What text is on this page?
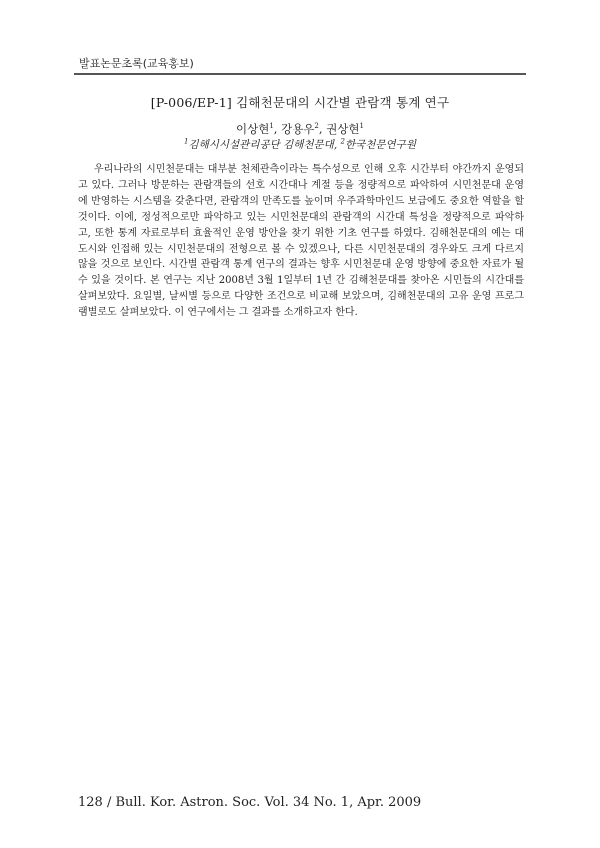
발표논문초록(교육홍보)
[P-006/EP-1] 김해천문대의 시간별 관람객 통계 연구
이상현$^1$, 강용우$^2$, 권상현$^1$
$^1$김해시시설관리공단 김해천문대, $^2$한국천문연구원

우리나라의 시민천문대는 대부분 천체관측이라는 특수성으로 인해 오후 시간부터 야간까지 운영되고 있다. 그러나 방문하는 관람객들의 선호 시간대나 계절 등을 정량적으로 파악하여 시민천문대 운영에 반영하는 시스템을 갖춘다면, 관람객의 만족도를 높이며 우주과학마인드 보급에도 중요한 역할을 할 것이다. 이에, 정성적으로만 파악하고 있는 시민천문대의 관람객의 시간대 특성을 정량적으로 파악하고, 또한 통계 자료로부터 효율적인 운영 방안을 찾기 위한 기초 연구를 하였다. 김해천문대의 예는 대도시와 인접해 있는 시민천문대의 전형으로 볼 수 있겠으나, 다른 시민천문대의 경우와도 크게 다르지 않을 것으로 보인다. 시간별 관람객 통계 연구의 결과는 향후 시민천문대 운영 방향에 중요한 자료가 될 수 있을 것이다. 본 연구는 지난 2008년 3월 1일부터 1년 간 김해천문대를 찾아온 시민들의 시간대를 살펴보았다. 요일별, 날씨별 등으로 다양한 조건으로 비교해 보았으며, 김해천문대의 고유 운영 프로그램별로도 살펴보았다. 이 연구에서는 그 결과를 소개하고자 한다.

128 / Bull. Kor. Astron. Soc. Vol. 34 No. 1, Apr. 2009
